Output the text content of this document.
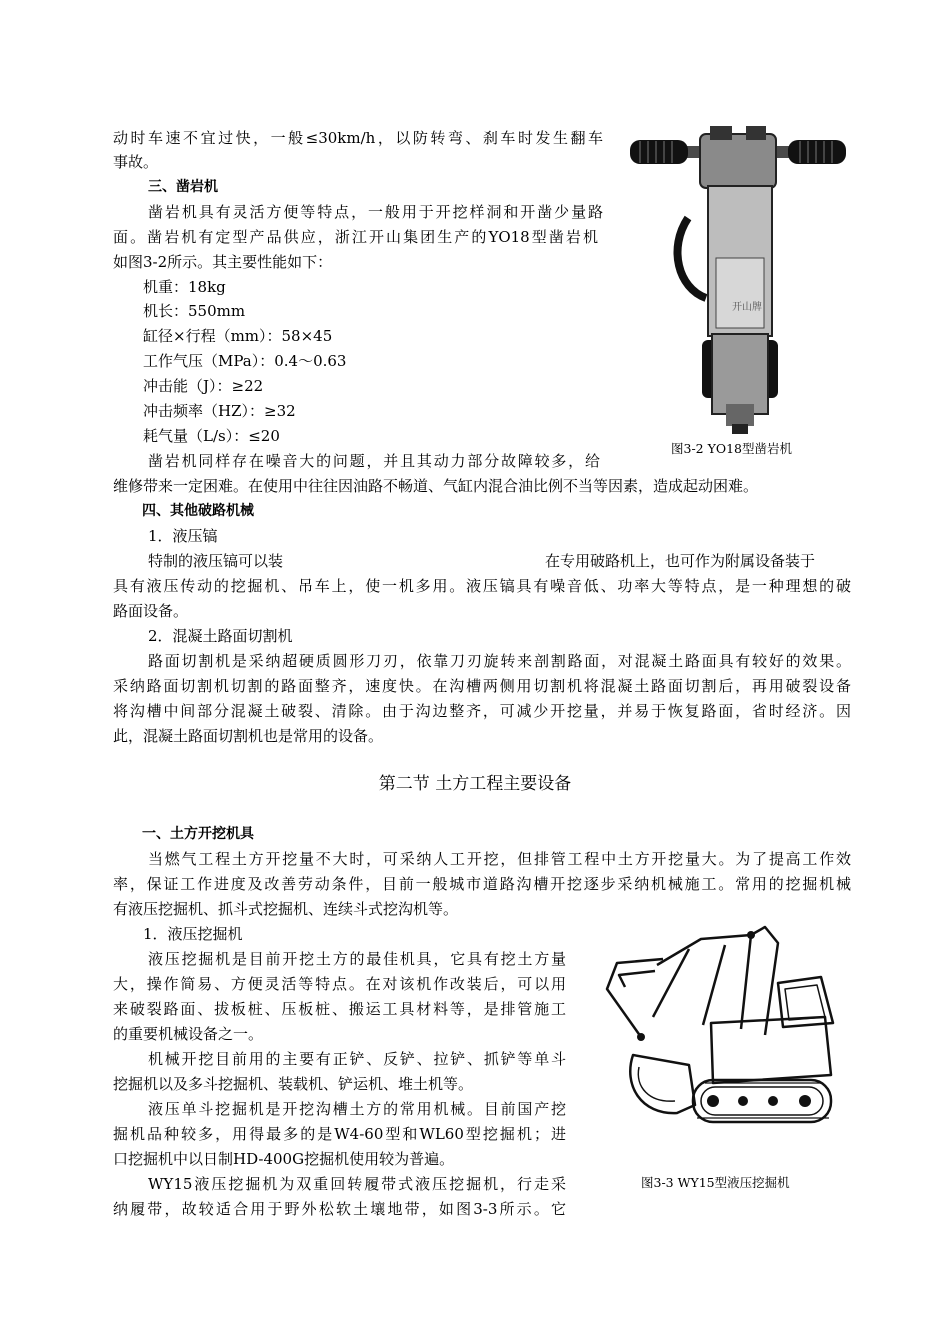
动时车速不宜过快，一般≤30km/h，以防转弯、刹车时发生翻车
事故。
三、凿岩机
凿岩机具有灵活方便等特点，一般用于开挖样洞和开凿少量路
面。凿岩机有定型产品供应，浙江开山集团生产的YO18型凿岩机
如图3-2所示。其主要性能如下：
机重：18kg
机长：550mm
缸径×行程（mm）：58×45
工作气压（MPa）：0.4～0.63
冲击能（J）：≥22
冲击频率（HZ）：≥32
耗气量（L/s）：≤20
凿岩机同样存在噪音大的问题，并且其动力部分故障较多，给
维修带来一定困难。在使用中往往因油路不畅道、气缸内混合油比例不当等因素，造成起动困难。
开山牌
图3-2 YO18型凿岩机
四、其他破路机械
1．液压镐
特制的液压镐可以装	在专用破路机上，也可作为附属设备装于
具有液压传动的挖掘机、吊车上，使一机多用。液压镐具有噪音低、功率大等特点，是一种理想的破
路面设备。
2．混凝土路面切割机
路面切割机是采纳超硬质圆形刀刃，依靠刀刃旋转来剖割路面，对混凝土路面具有较好的效果。
采纳路面切割机切割的路面整齐，速度快。在沟槽两侧用切割机将混凝土路面切割后，再用破裂设备
将沟槽中间部分混凝土破裂、清除。由于沟边整齐，可减少开挖量，并易于恢复路面，省时经济。因
此，混凝土路面切割机也是常用的设备。
第二节 土方工程主要设备
一、土方开挖机具
当燃气工程土方开挖量不大时，可采纳人工开挖，但排管工程中土方开挖量大。为了提高工作效
率，保证工作进度及改善劳动条件，目前一般城市道路沟槽开挖逐步采纳机械施工。常用的挖掘机械
有液压挖掘机、抓斗式挖掘机、连续斗式挖沟机等。
1．液压挖掘机
液压挖掘机是目前开挖土方的最佳机具，它具有挖土方量
大，操作简易、方便灵活等特点。在对该机作改装后，可以用
来破裂路面、拔板桩、压板桩、搬运工具材料等，是排管施工
的重要机械设备之一。
机械开挖目前用的主要有正铲、反铲、拉铲、抓铲等单斗
挖掘机以及多斗挖掘机、装载机、铲运机、堆土机等。
液压单斗挖掘机是开挖沟槽土方的常用机械。目前国产挖
掘机品种较多，用得最多的是W4-60型和WL60型挖掘机；进
口挖掘机中以日制HD-400G挖掘机使用较为普遍。
WY15液压挖掘机为双重回转履带式液压挖掘机，行走采
纳履带，故较适合用于野外松软土壤地带，如图3-3所示。它
图3-3 WY15型液压挖掘机
